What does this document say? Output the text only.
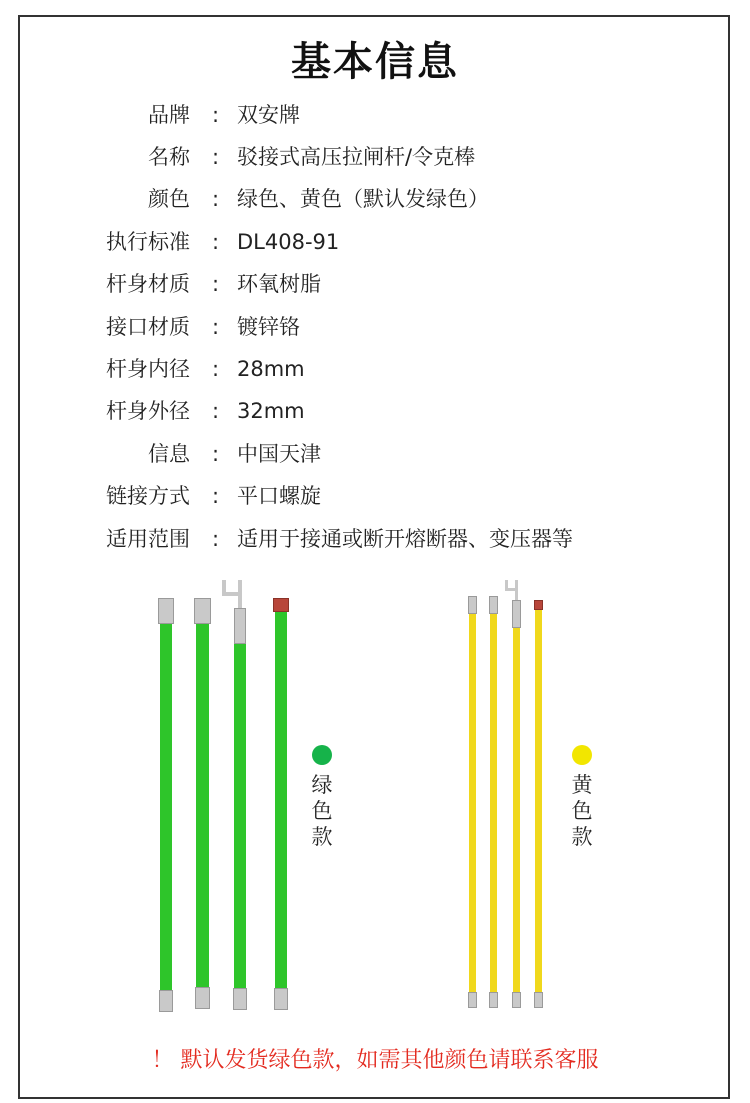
基本信息
品牌 : 双安牌
名称 : 驳接式高压拉闸杆/令克棒
颜色 : 绿色、黄色（默认发绿色）
执行标准 : DL408-91
杆身材质 : 环氧树脂
接口材质 : 镀锌铬
杆身内径 : 28mm
杆身外径 : 32mm
信息 : 中国天津
链接方式 : 平口螺旋
适用范围 : 适用于接通或断开熔断器、变压器等
绿
色
款
黄
色
款
！ 默认发货绿色款，如需其他颜色请联系客服
